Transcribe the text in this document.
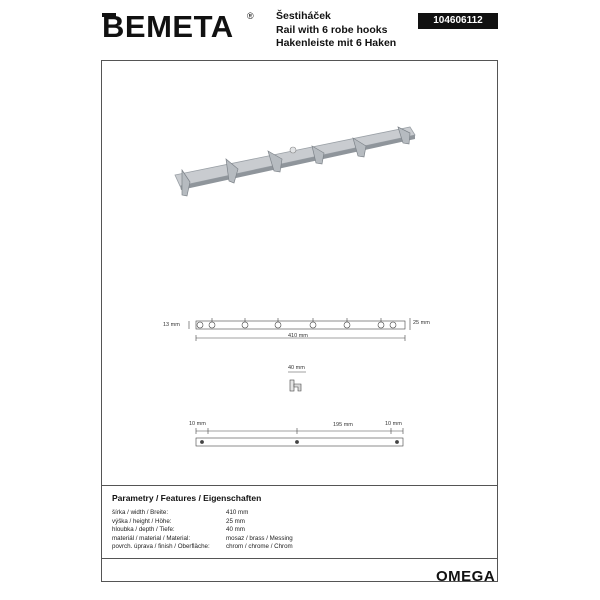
BEMETA ® Šestiháček
Rail with 6 robe hooks
Hakenleiste mit 6 Haken
104606112
13 mm	25 mm
410 mm
40 mm
10 mm	195 mm	10 mm
Parametry / Features / Eigenschaften
šírka / width / Breite:	410 mm
výška / height / Höhe:	25 mm
hloubka / depth / Tiefe:	40 mm
materiál / material / Material:	mosaz / brass / Messing
povrch. úprava / finish / Oberfläche:	chrom / chrome / Chrom
OMEGA
